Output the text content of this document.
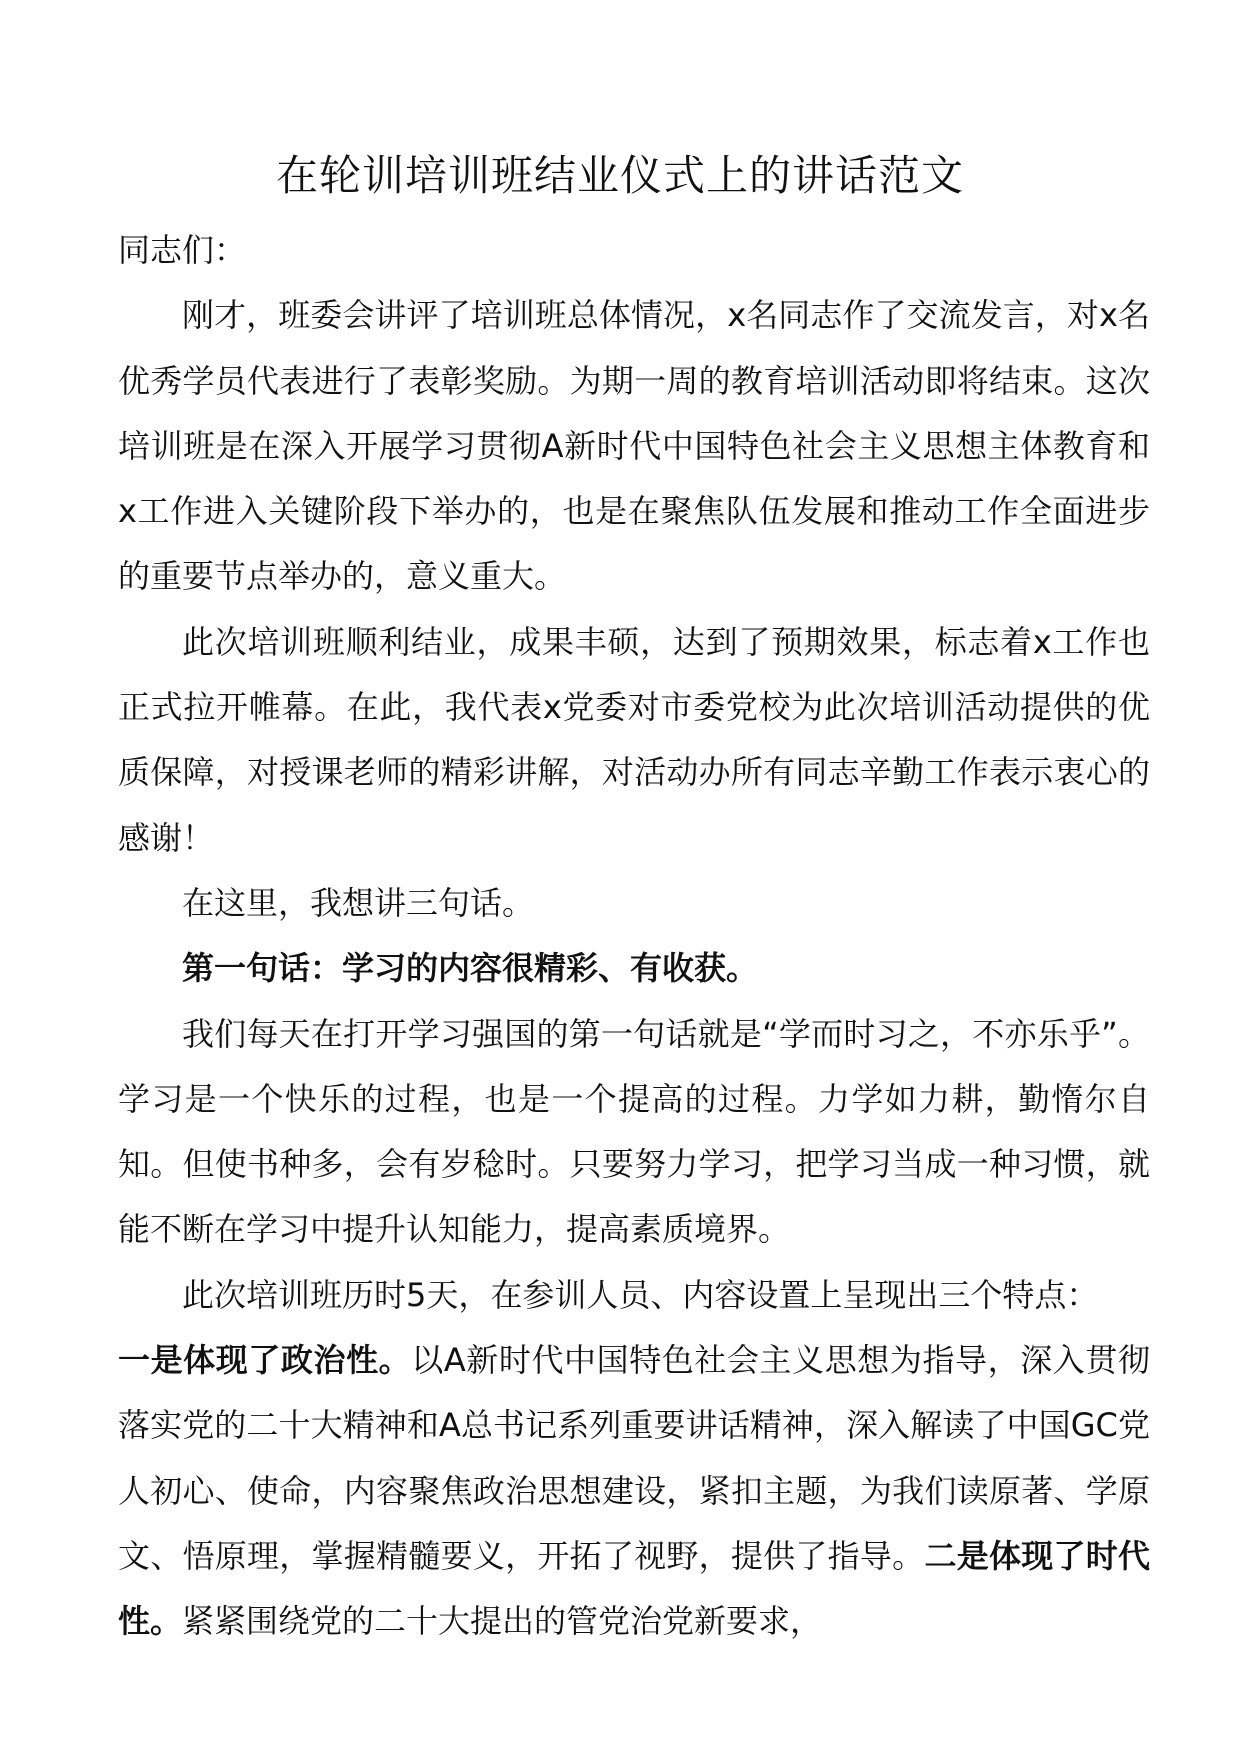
在轮训培训班结业仪式上的讲话范文

同志们：

刚才，班委会讲评了培训班总体情况，x名同志作了交流发言，对x名优秀学员代表进行了表彰奖励。为期一周的教育培训活动即将结束。这次培训班是在深入开展学习贯彻A新时代中国特色社会主义思想主体教育和x工作进入关键阶段下举办的，也是在聚焦队伍发展和推动工作全面进步的重要节点举办的，意义重大。

此次培训班顺利结业，成果丰硕，达到了预期效果，标志着x工作也正式拉开帷幕。在此，我代表x党委对市委党校为此次培训活动提供的优质保障，对授课老师的精彩讲解，对活动办所有同志辛勤工作表示衷心的感谢！

在这里，我想讲三句话。

第一句话：学习的内容很精彩、有收获。

我们每天在打开学习强国的第一句话就是“学而时习之，不亦乐乎”。学习是一个快乐的过程，也是一个提高的过程。力学如力耕，勤惰尔自知。但使书种多，会有岁稔时。只要努力学习，把学习当成一种习惯，就能不断在学习中提升认知能力，提高素质境界。

此次培训班历时5天，在参训人员、内容设置上呈现出三个特点：

一是体现了政治性。以A新时代中国特色社会主义思想为指导，深入贯彻落实党的二十大精神和A总书记系列重要讲话精神，深入解读了中国GC党人初心、使命，内容聚焦政治思想建设，紧扣主题，为我们读原著、学原文、悟原理，掌握精髓要义，开拓了视野，提供了指导。二是体现了时代性。紧紧围绕党的二十大提出的管党治党新要求，
